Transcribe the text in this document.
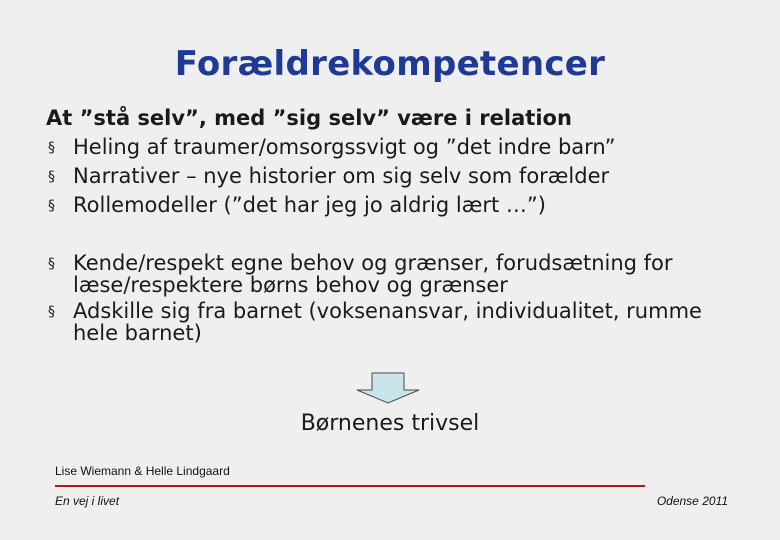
Forældrekompetencer
At ”stå selv”, med ”sig selv” være i relation
§ Heling af traumer/omsorgssvigt og ”det indre barn”
§ Narrativer – nye historier om sig selv som forælder
§ Rollemodeller (”det har jeg jo aldrig lært …”)
§ Kende/respekt egne behov og grænser, forudsætning for læse/respektere børns behov og grænser
§ Adskille sig fra barnet (voksenansvar, individualitet, rumme hele barnet)
Børnenes trivsel
Lise Wiemann & Helle Lindgaard
En vej i livet	Odense 2011
